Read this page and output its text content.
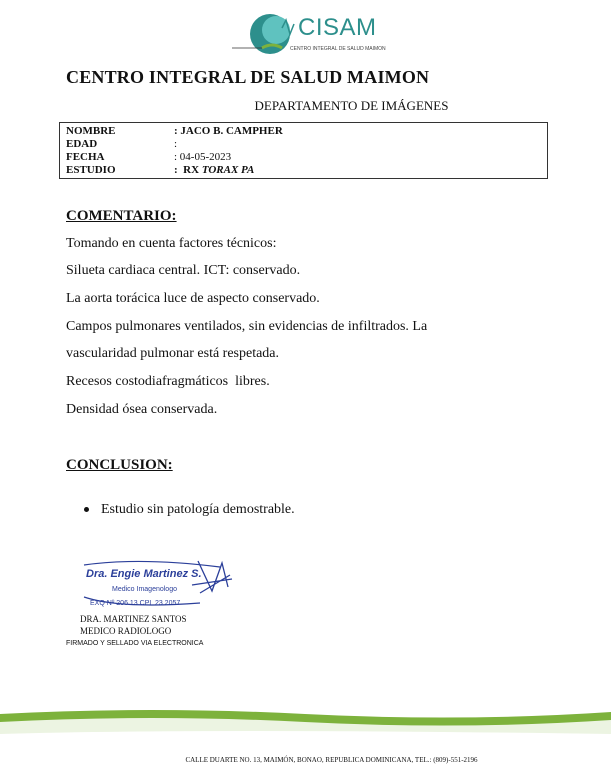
CISAM
CENTRO INTEGRAL DE SALUD MAIMON
CENTRO INTEGRAL DE SALUD MAIMON
DEPARTAMENTO DE IMÁGENES
NOMBRE	: JACO B. CAMPHER
EDAD	:
FECHA	: 04-05-2023
ESTUDIO	:  RX TORAX PA
COMENTARIO:
Tomando en cuenta factores técnicos:
Silueta cardiaca central. ICT: conservado.
La aorta torácica luce de aspecto conservado.
Campos pulmonares ventilados, sin evidencias de infiltrados. La
vascularidad pulmonar está respetada.
Recesos costodiafragmáticos  libres.
Densidad ósea conservada.
CONCLUSION:
Estudio sin patología demostrable.
Dra. Engie Martinez S.
Medico Imagenologo
EXQ Nº 206 13 CPL 23 2057
DRA. MARTINEZ SANTOS
MEDICO RADIOLOGO
FIRMADO Y SELLADO VIA ELECTRONICA
CALLE DUARTE NO. 13, MAIMÓN, BONAO, REPUBLICA DOMINICANA, TEL.: (809)-551-2196
